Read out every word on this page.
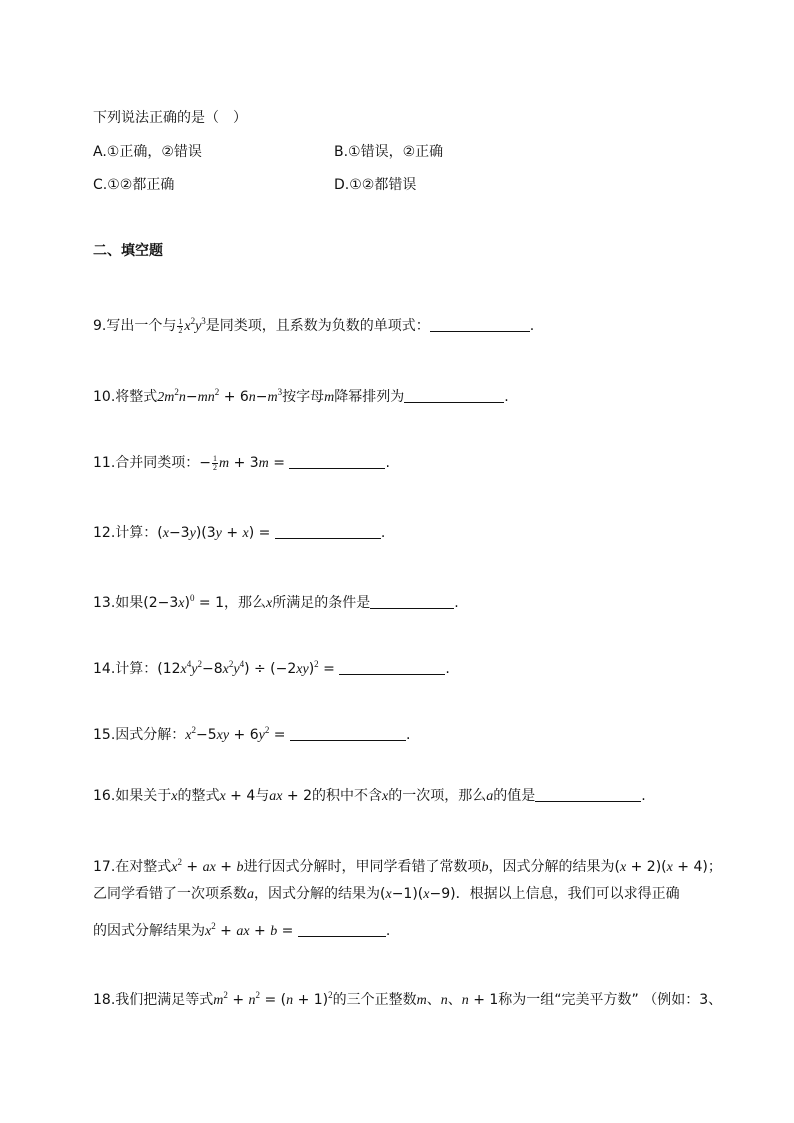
下列说法正确的是（　）
A.①正确，②错误	B.①错误，②正确
C.①②都正确	D.①②都错误
二、填空题
9.写出一个与 $\frac{1}{2} x^2y^3$是同类项，且系数为负数的单项式：	.
10.将整式$2m^2n-mn^2 + 6n-m^3$按字母m降幂排列为	.
11.合并同类项：− $\frac{1}{2}$ m + 3m =	.
12.计算：(x−3y)(3y + x) =	.
13.如果$(2-3x)^0 = 1$，那么x所满足的条件是	.
14.计算：$(12x^4y^2-8x^2y^4) \div (-2xy)^2$ =	.
15.因式分解：$x^2-5xy + 6y^2$ =	.
16.如果关于x的整式x + 4与ax + 2的积中不含x的一次项，那么a的值是	.
17.在对整式$x^2$ + ax + b进行因式分解时，甲同学看错了常数项b，因式分解的结果为(x + 2)(x + 4)；
乙同学看错了一次项系数a，因式分解的结果为(x−1)(x−9)．根据以上信息，我们可以求得正确
的因式分解结果为$x^2$ + ax + b =	.
18.我们把满足等式$m^2 + n^2 = (n + 1)^2$的三个正整数m、n、n + 1称为一组“完美平方数” （例如：3、
